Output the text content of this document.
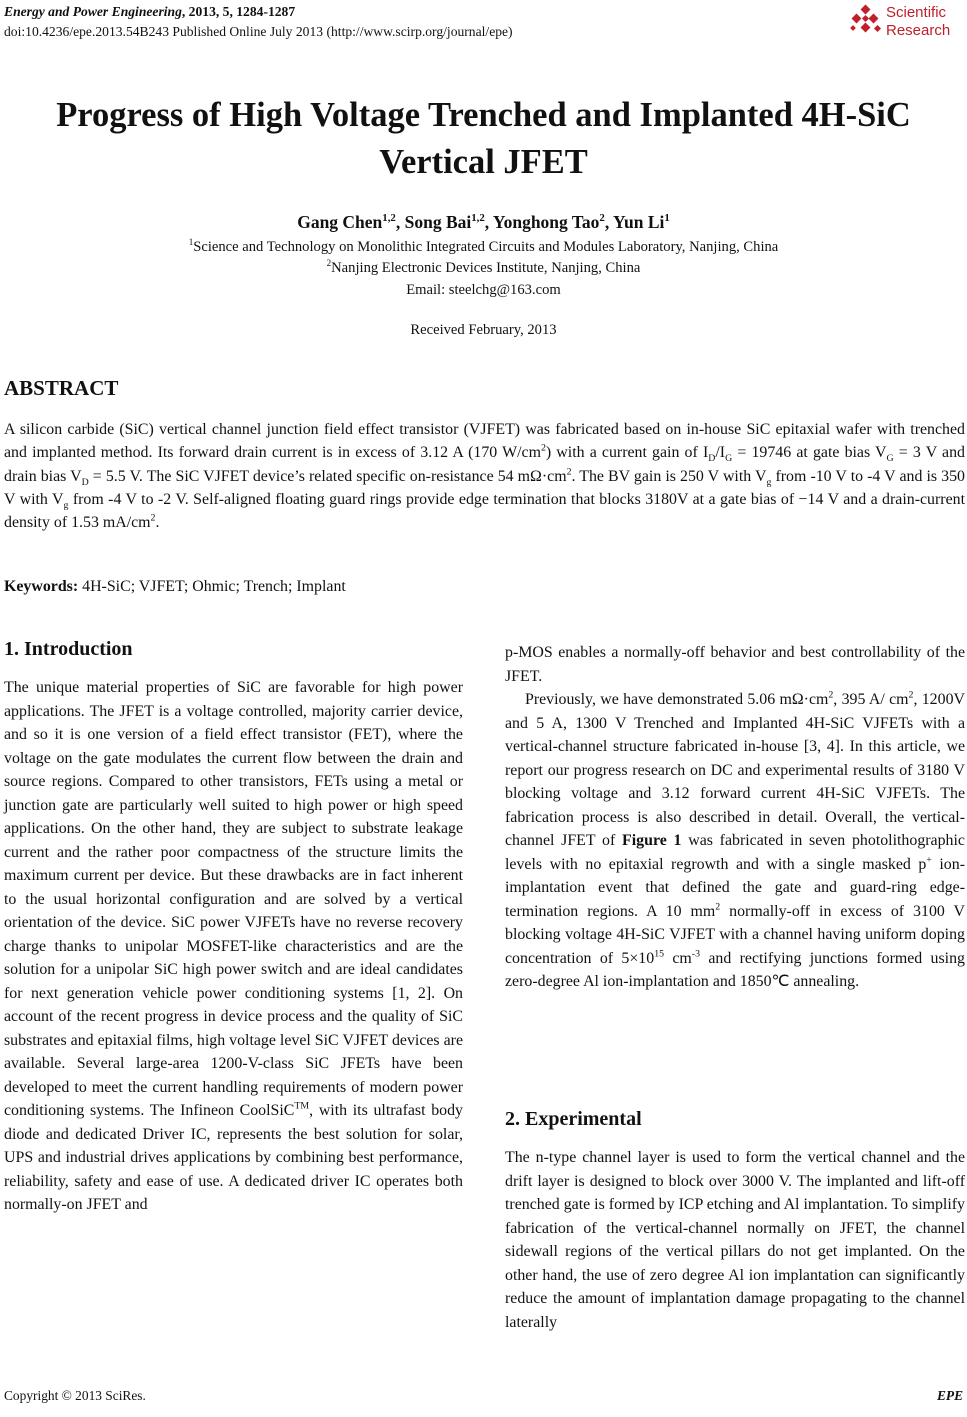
Energy and Power Engineering, 2013, 5, 1284-1287
doi:10.4236/epe.2013.54B243 Published Online July 2013 (http://www.scirp.org/journal/epe)
Scientific
Research
Progress of High Voltage Trenched and Implanted 4H-SiC
Vertical JFET
Gang Chen$^{1,2}$, Song Bai$^{1,2}$, Yonghong Tao$^2$, Yun Li$^1$
$^1$Science and Technology on Monolithic Integrated Circuits and Modules Laboratory, Nanjing, China
$^2$Nanjing Electronic Devices Institute, Nanjing, China
Email: steelchg@163.com
Received February, 2013
ABSTRACT

A silicon carbide (SiC) vertical channel junction field effect transistor (VJFET) was fabricated based on in-house SiC epitaxial wafer with trenched and implanted method. Its forward drain current is in excess of 3.12 A (170 $W/cm^2$) with a current gain of $I_D/I_G = 19746$ at gate bias $V_G = 3$ V and drain bias $V_D = 5.5$ V. The SiC VJFET device’s related specific on-resistance 54 $m\Omega\cdot cm^2$. The BV gain is 250 V with $V_g$ from -10 V to -4 V and is 350 V with $V_g$ from -4 V to -2 V. Self-aligned floating guard rings provide edge termination that blocks 3180V at a gate bias of −14 V and a drain-current density of 1.53 $mA/cm^2$.

Keywords: 4H-SiC; VJFET; Ohmic; Trench; Implant
1. Introduction

The unique material properties of SiC are favorable for high power applications. The JFET is a voltage controlled, majority carrier device, and so it is one version of a field effect transistor (FET), where the voltage on the gate modulates the current flow between the drain and source regions. Compared to other transistors, FETs using a metal or junction gate are particularly well suited to high power or high speed applications. On the other hand, they are subject to substrate leakage current and the rather poor compactness of the structure limits the maximum current per device. But these drawbacks are in fact inherent to the usual horizontal configuration and are solved by a vertical orientation of the device. SiC power VJFETs have no reverse recovery charge thanks to unipolar MOSFET-like characteristics and are the solution for a unipolar SiC high power switch and are ideal candidates for next generation vehicle power conditioning systems [1, 2]. On account of the recent progress in device process and the quality of SiC substrates and epitaxial films, high voltage level SiC VJFET devices are available. Several large-area 1200-V-class SiC JFETs have been developed to meet the current handling requirements of modern power conditioning systems. The Infineon CoolSiC™, with its ultrafast body diode and dedicated Driver IC, represents the best solution for solar, UPS and industrial drives applications by combining best performance, reliability, safety and ease of use. A dedicated driver IC operates both normally-on JFET and

p-MOS enables a normally-off behavior and best controllability of the JFET.

Previously, we have demonstrated 5.06 $m\Omega\cdot cm^2$, 395 A/ $cm^2$, 1200V and 5 A, 1300 V Trenched and Implanted 4H-SiC VJFETs with a vertical-channel structure fabricated in-house [3, 4]. In this article, we report our progress research on DC and experimental results of 3180 V blocking voltage and 3.12 forward current 4H-SiC VJFETs. The fabrication process is also described in detail. Overall, the vertical-channel JFET of Figure 1 was fabricated in seven photolithographic levels with no epitaxial regrowth and with a single masked p+ ion-implantation event that defined the gate and guard-ring edge-termination regions. A 10 $mm^2$ normally-off in excess of 3100 V blocking voltage 4H-SiC VJFET with a channel having uniform doping concentration of $5\times 10^{15}$ $cm^{-3}$ and rectifying junctions formed using zero-degree Al ion-implantation and 1850℃ annealing.

2. Experimental

The n-type channel layer is used to form the vertical channel and the drift layer is designed to block over 3000 V. The implanted and lift-off trenched gate is formed by ICP etching and Al implantation. To simplify fabrication of the vertical-channel normally on JFET, the channel sidewall regions of the vertical pillars do not get implanted. On the other hand, the use of zero degree Al ion implantation can significantly reduce the amount of implantation damage propagating to the channel laterally

Copyright © 2013 SciRes.	EPE
